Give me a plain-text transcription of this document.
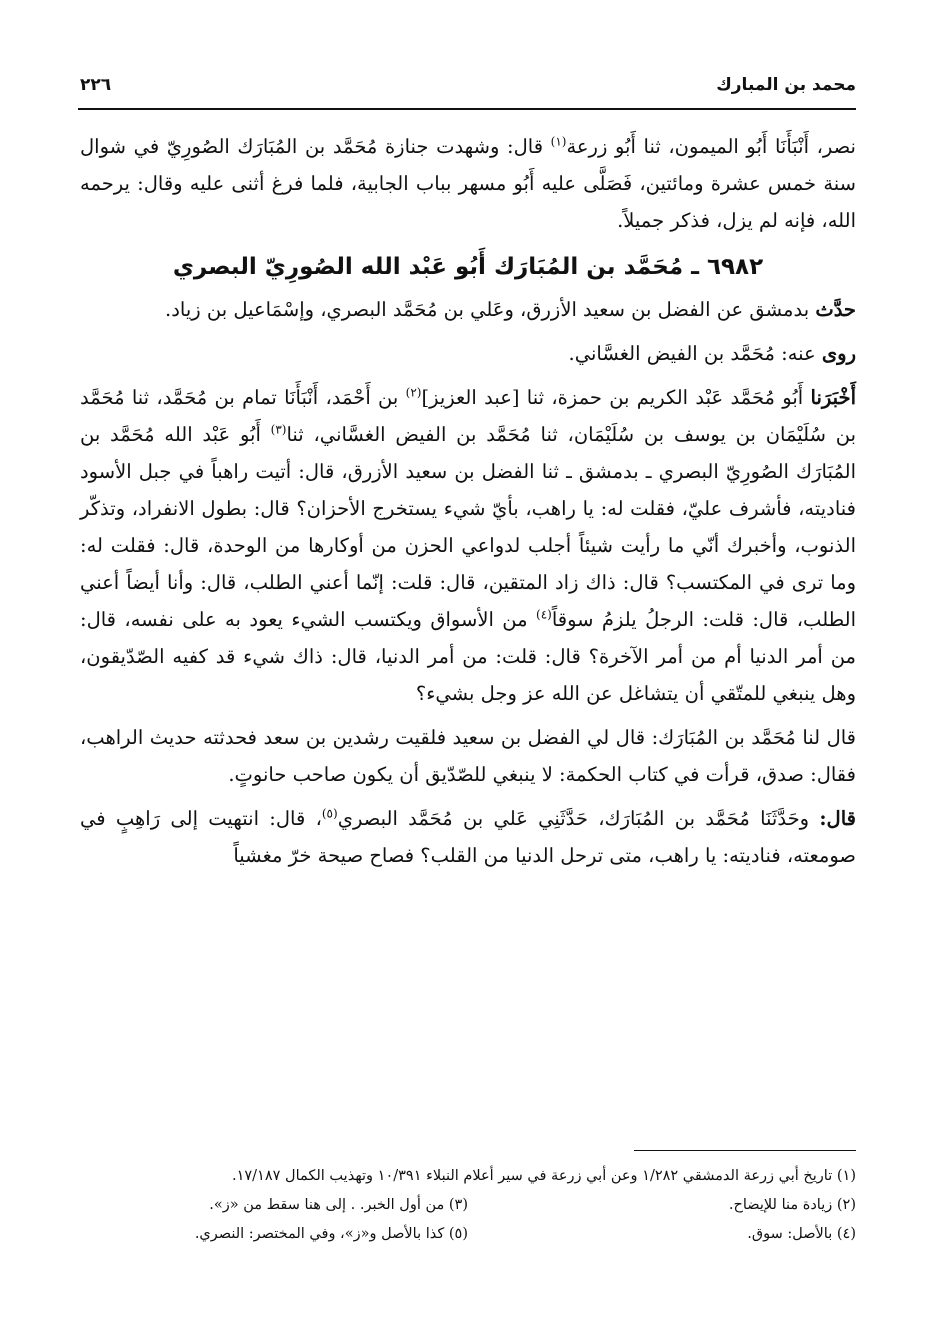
محمد بن المبارك
٢٢٦

نصر، أَنْبَأَنَا أَبُو الميمون، ثنا أَبُو زرعة$^{(١)}$ قال: وشهدت جنازة مُحَمَّد بن المُبَارَك الصُورِيّ في شوال سنة خمس عشرة ومائتين، فَصَلَّى عليه أَبُو مسهر بباب الجابية، فلما فرغ أثنى عليه وقال: يرحمه الله، فإنه لم يزل، فذكر جميلاً.

٦٩٨٢ ـ مُحَمَّد بن المُبَارَك أَبُو عَبْد الله الصُورِيّ البصري

حدَّث بدمشق عن الفضل بن سعيد الأزرق، وعَلي بن مُحَمَّد البصري، وإسْمَاعيل بن زياد.

روى عنه: مُحَمَّد بن الفيض الغسَّاني.

أَخْبَرَنا أَبُو مُحَمَّد عَبْد الكريم بن حمزة، ثنا [عبد العزيز]$^{(٢)}$ بن أَحْمَد، أَنْبَأَنَا تمام بن مُحَمَّد، ثنا مُحَمَّد بن سُلَيْمَان بن يوسف بن سُلَيْمَان، ثنا مُحَمَّد بن الفيض الغسَّاني، ثنا$^{(٣)}$ أَبُو عَبْد الله مُحَمَّد بن المُبَارَك الصُورِيّ البصري ـ بدمشق ـ ثنا الفضل بن سعيد الأزرق، قال: أتيت راهباً في جبل الأسود فناديته، فأشرف عليّ، فقلت له: يا راهب، بأيّ شيء يستخرج الأحزان؟ قال: بطول الانفراد، وتذكّر الذنوب، وأخبرك أنّي ما رأيت شيئاً أجلب لدواعي الحزن من أوكارها من الوحدة، قال: فقلت له: وما ترى في المكتسب؟ قال: ذاك زاد المتقين، قال: قلت: إنّما أعني الطلب، قال: وأنا أيضاً أعني الطلب، قال: قلت: الرجلُ يلزمُ سوقاً$^{(٤)}$ من الأسواق ويكتسب الشيء يعود به على نفسه، قال: من أمر الدنيا أم من أمر الآخرة؟ قال: قلت: من أمر الدنيا، قال: ذاك شيء قد كفيه الصّدّيقون، وهل ينبغي للمتّقي أن يتشاغل عن الله عز وجل بشيء؟

قال لنا مُحَمَّد بن المُبَارَك: قال لي الفضل بن سعيد فلقيت رشدين بن سعد فحدثته حديث الراهب، فقال: صدق، قرأت في كتاب الحكمة: لا ينبغي للصّدّيق أن يكون صاحب حانوتٍ.

قال: وحَدَّثَنَا مُحَمَّد بن المُبَارَك، حَدَّثَنِي عَلي بن مُحَمَّد البصري$^{(٥)}$، قال: انتهيت إلى رَاهِبٍ في صومعته، فناديته: يا راهب، متى ترحل الدنيا من القلب؟ فصاح صيحة خرّ مغشياً

(١) تاريخ أبي زرعة الدمشقي ١/٢٨٢ وعن أبي زرعة في سير أعلام النبلاء ١٠/٣٩١ وتهذيب الكمال ١٧/١٨٧.
(٢) زيادة منا للإيضاح.
(٣) من أول الخبر. . إلى هنا سقط من «ز».
(٤) بالأصل: سوق.
(٥) كذا بالأصل و«ز»، وفي المختصر: النصري.
